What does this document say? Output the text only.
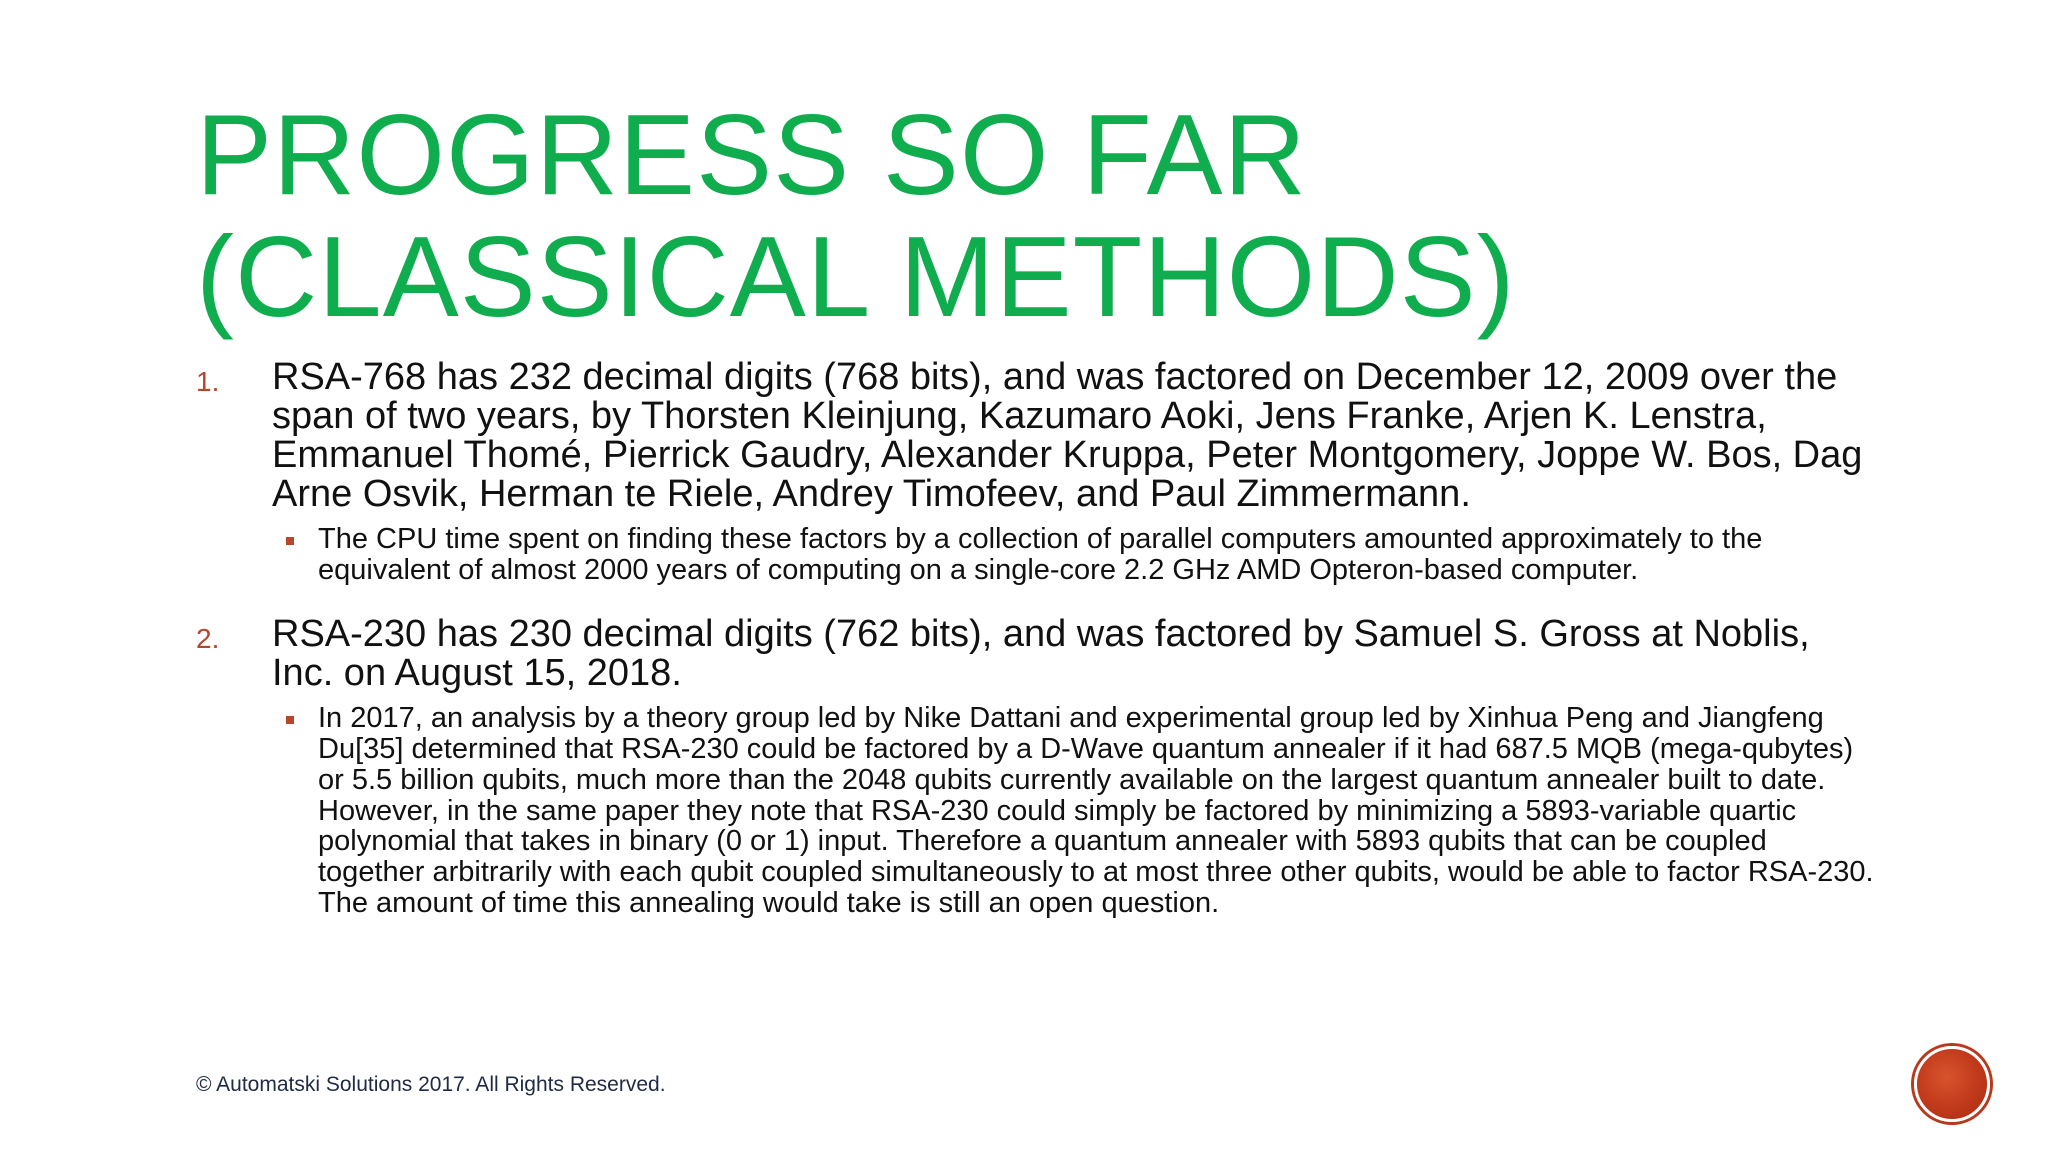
PROGRESS SO FAR
(CLASSICAL METHODS)
1. RSA-768 has 232 decimal digits (768 bits), and was factored on December 12, 2009 over the span of two years, by Thorsten Kleinjung, Kazumaro Aoki, Jens Franke, Arjen K. Lenstra, Emmanuel Thomé, Pierrick Gaudry, Alexander Kruppa, Peter Montgomery, Joppe W. Bos, Dag Arne Osvik, Herman te Riele, Andrey Timofeev, and Paul Zimmermann.
The CPU time spent on finding these factors by a collection of parallel computers amounted approximately to the equivalent of almost 2000 years of computing on a single-core 2.2 GHz AMD Opteron-based computer.
2. RSA-230 has 230 decimal digits (762 bits), and was factored by Samuel S. Gross at Noblis, Inc. on August 15, 2018.
In 2017, an analysis by a theory group led by Nike Dattani and experimental group led by Xinhua Peng and Jiangfeng Du[35] determined that RSA-230 could be factored by a D-Wave quantum annealer if it had 687.5 MQB (mega-qubytes) or 5.5 billion qubits, much more than the 2048 qubits currently available on the largest quantum annealer built to date. However, in the same paper they note that RSA-230 could simply be factored by minimizing a 5893-variable quartic polynomial that takes in binary (0 or 1) input. Therefore a quantum annealer with 5893 qubits that can be coupled together arbitrarily with each qubit coupled simultaneously to at most three other qubits, would be able to factor RSA-230. The amount of time this annealing would take is still an open question.
© Automatski Solutions 2017. All Rights Reserved.
